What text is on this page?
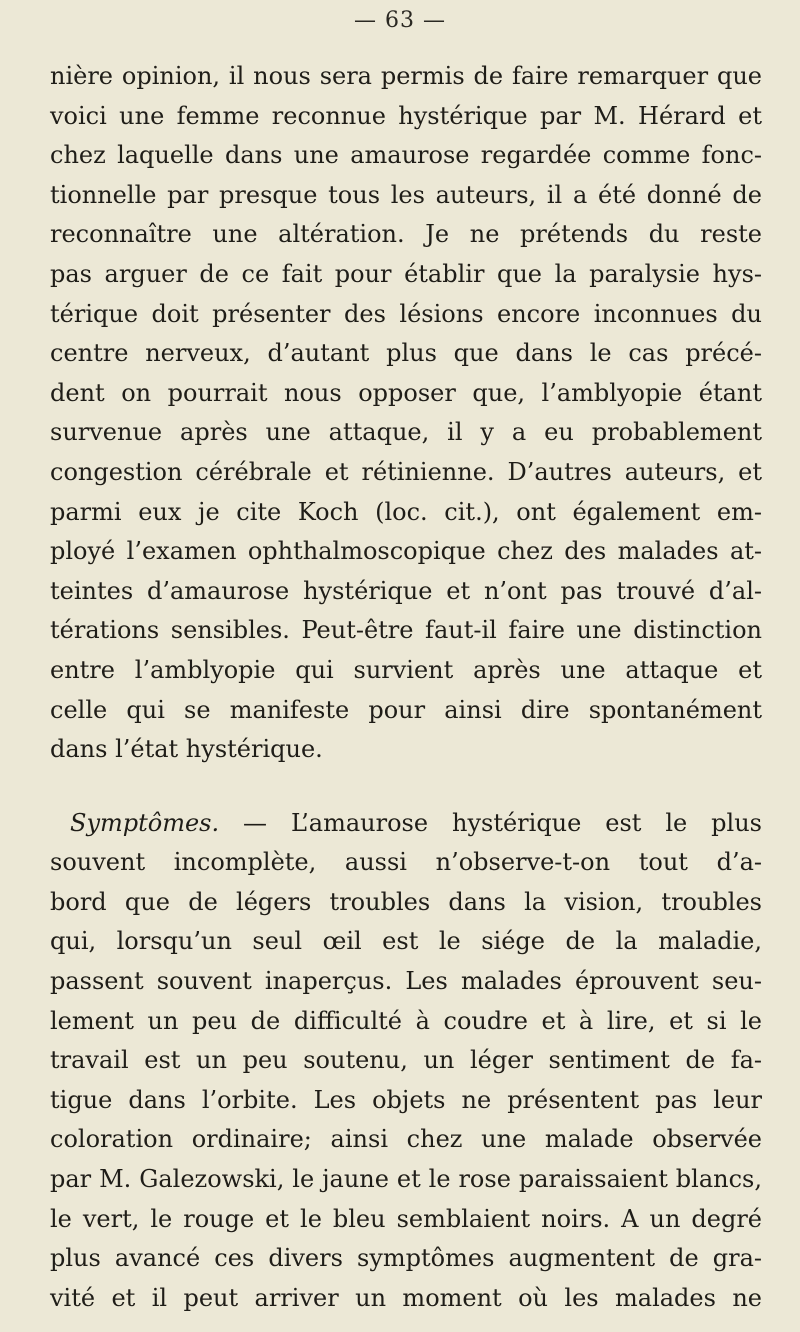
— 63 —
nière opinion, il nous sera permis de faire remarquer que
voici une femme reconnue hystérique par M. Hérard et
chez laquelle dans une amaurose regardée comme fonc-
tionnelle par presque tous les auteurs, il a été donné de
reconnaître une altération. Je ne prétends du reste
pas arguer de ce fait pour établir que la paralysie hys-
térique doit présenter des lésions encore inconnues du
centre nerveux, d’autant plus que dans le cas précé-
dent on pourrait nous opposer que, l’amblyopie étant
survenue après une attaque, il y a eu probablement
congestion cérébrale et rétinienne. D’autres auteurs, et
parmi eux je cite Koch (loc. cit.), ont également em-
ployé l’examen ophthalmoscopique chez des malades at-
teintes d’amaurose hystérique et n’ont pas trouvé d’al-
térations sensibles. Peut-être faut-il faire une distinction
entre l’amblyopie qui survient après une attaque et
celle qui se manifeste pour ainsi dire spontanément
dans l’état hystérique.
Symptômes. — L’amaurose hystérique est le plus
souvent incomplète, aussi n’observe-t-on tout d’a-
bord que de légers troubles dans la vision, troubles
qui, lorsqu’un seul œil est le siége de la maladie,
passent souvent inaperçus. Les malades éprouvent seu-
lement un peu de difficulté à coudre et à lire, et si le
travail est un peu soutenu, un léger sentiment de fa-
tigue dans l’orbite. Les objets ne présentent pas leur
coloration ordinaire; ainsi chez une malade observée
par M. Galezowski, le jaune et le rose paraissaient blancs,
le vert, le rouge et le bleu semblaient noirs. A un degré
plus avancé ces divers symptômes augmentent de gra-
vité et il peut arriver un moment où les malades ne
